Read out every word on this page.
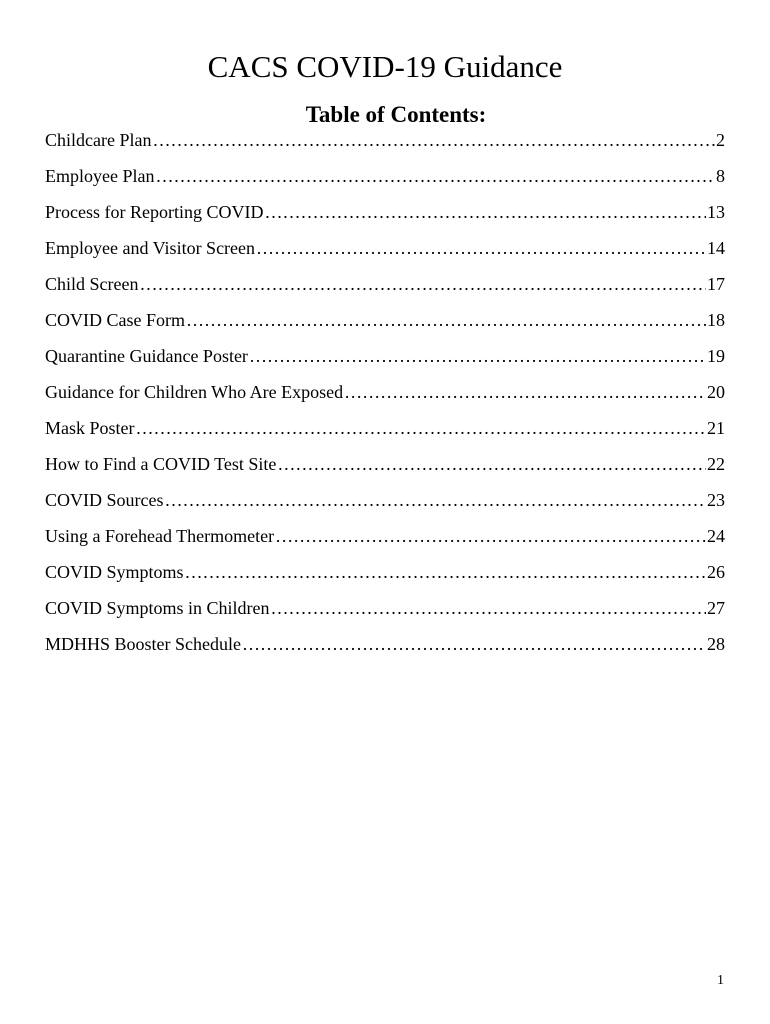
CACS COVID-19 Guidance
Table of Contents:
Childcare Plan ……………………………………………………………………………………………………………………………………………………………	2
Employee Plan ……………………………………………………………………………………………………………………………………………………………	8
Process for Reporting COVID ……………………………………………………………………………………………………………………………………………………………	13
Employee and Visitor Screen ……………………………………………………………………………………………………………………………………………………………	14
Child Screen ……………………………………………………………………………………………………………………………………………………………	17
COVID Case Form ……………………………………………………………………………………………………………………………………………………………	18
Quarantine Guidance Poster ……………………………………………………………………………………………………………………………………………………………	19
Guidance for Children Who Are Exposed ……………………………………………………………………………………………………………………………………………………………	20
Mask Poster ……………………………………………………………………………………………………………………………………………………………	21
How to Find a COVID Test Site ……………………………………………………………………………………………………………………………………………………………	22
COVID Sources ……………………………………………………………………………………………………………………………………………………………	23
Using a Forehead Thermometer ……………………………………………………………………………………………………………………………………………………………	24
COVID Symptoms ……………………………………………………………………………………………………………………………………………………………	26
COVID Symptoms in Children ……………………………………………………………………………………………………………………………………………………………	27
MDHHS Booster Schedule ……………………………………………………………………………………………………………………………………………………………	28
1
